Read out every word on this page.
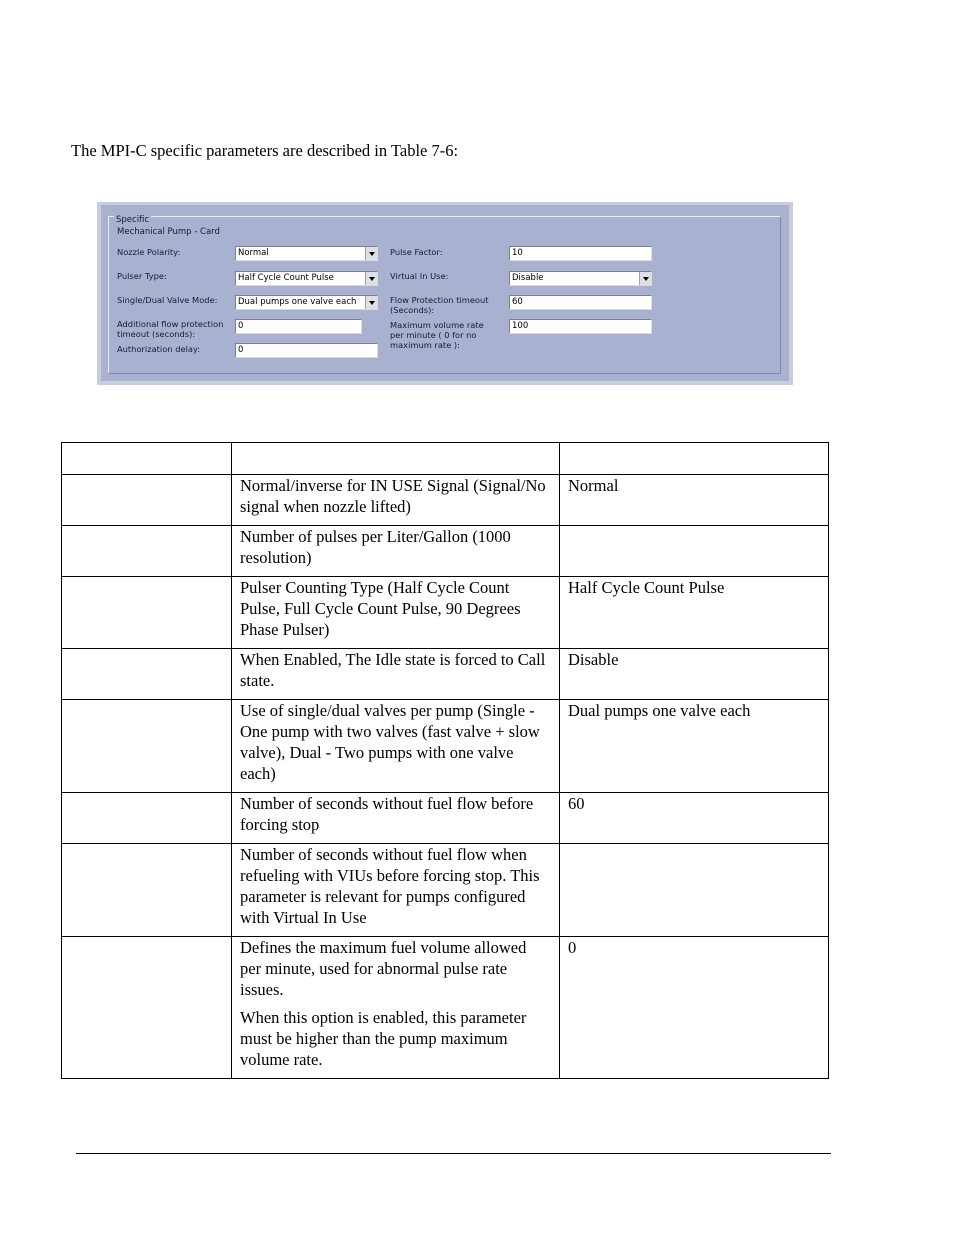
The MPI-C specific parameters are described in Table 7-6:

Specific
Mechanical Pump - Card

Nozzle Polarity:	Normal

Pulser Type:	Half Cycle Count Pulse

Single/Dual Valve Mode:	Dual pumps one valve each

Additional flow protection timeout (seconds):

0

Authorization delay:	0

Pulse Factor:	10

Virtual In Use:	Disable

Flow Protection timeout (Seconds):

60

Maximum volume rate per minute ( 0 for no maximum rate ):

100

	Normal/inverse for IN USE Signal (Signal/No signal when nozzle lifted)	Normal

	Number of pulses per Liter/Gallon (1000 resolution)	

	Pulser Counting Type (Half Cycle Count Pulse, Full Cycle Count Pulse, 90 Degrees Phase Pulser)	Half Cycle Count Pulse

	When Enabled, The Idle state is forced to Call state.	Disable

	Use of single/dual valves per pump (Single - One pump with two valves (fast valve + slow valve), Dual - Two pumps with one valve each)	Dual pumps one valve each

	Number of seconds without fuel flow before forcing stop	60

	Number of seconds without fuel flow when refueling with VIUs before forcing stop. This parameter is relevant for pumps configured with Virtual In Use	

	Defines the maximum fuel volume allowed per minute, used for abnormal pulse rate issues.

When this option is enabled, this parameter must be higher than the pump maximum volume rate.	0
